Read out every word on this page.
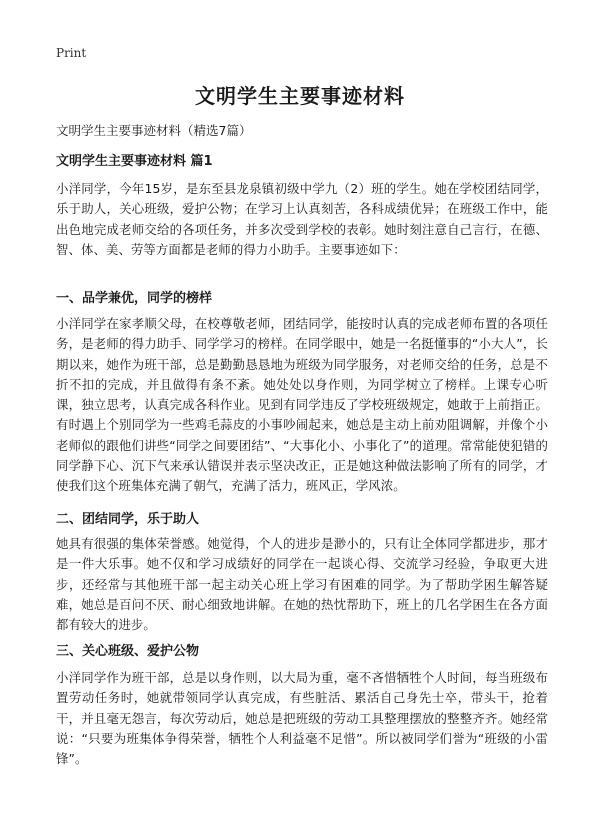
Print
文明学生主要事迹材料

文明学生主要事迹材料（精选7篇）

文明学生主要事迹材料 篇1

小洋同学，今年15岁，是东至县龙泉镇初级中学九（2）班的学生。她在学校团结同学，乐于助人，关心班级，爱护公物；在学习上认真刻苦，各科成绩优异；在班级工作中，能出色地完成老师交给的各项任务，并多次受到学校的表彰。她时刻注意自己言行，在德、智、体、美、劳等方面都是老师的得力小助手。主要事迹如下：

一、品学兼优，同学的榜样

小洋同学在家孝顺父母，在校尊敬老师，团结同学，能按时认真的完成老师布置的各项任务，是老师的得力助手、同学学习的榜样。在同学眼中，她是一名挺懂事的“小大人”，长期以来，她作为班干部，总是勤勤恳恳地为班级为同学服务，对老师交给的任务，总是不折不扣的完成，并且做得有条不紊。她处处以身作则，为同学树立了榜样。上课专心听课，独立思考，认真完成各科作业。见到有同学违反了学校班级规定，她敢于上前指正。有时遇上个别同学为一些鸡毛蒜皮的小事吵闹起来，她总是主动上前劝阻调解，并像个小老师似的跟他们讲些“同学之间要团结”、“大事化小、小事化了”的道理。常常能使犯错的同学静下心、沉下气来承认错误并表示坚决改正，正是她这种做法影响了所有的同学，才使我们这个班集体充满了朝气，充满了活力，班风正，学风浓。

二、团结同学，乐于助人

她具有很强的集体荣誉感。她觉得，个人的进步是渺小的，只有让全体同学都进步，那才是一件大乐事。她不仅和学习成绩好的同学在一起谈心得、交流学习经验，争取更大进步，还经常与其他班干部一起主动关心班上学习有困难的同学。为了帮助学困生解答疑难，她总是百问不厌、耐心细致地讲解。在她的热忱帮助下，班上的几名学困生在各方面都有较大的进步。

三、关心班级、爱护公物

小洋同学作为班干部，总是以身作则，以大局为重，毫不吝惜牺牲个人时间，每当班级布置劳动任务时，她就带领同学认真完成，有些脏活、累活自己身先士卒，带头干，抢着干，并且毫无怨言，每次劳动后，她总是把班级的劳动工具整理摆放的整整齐齐。她经常说：“只要为班集体争得荣誉，牺牲个人利益毫不足惜”。所以被同学们誉为“班级的小雷锋”。
